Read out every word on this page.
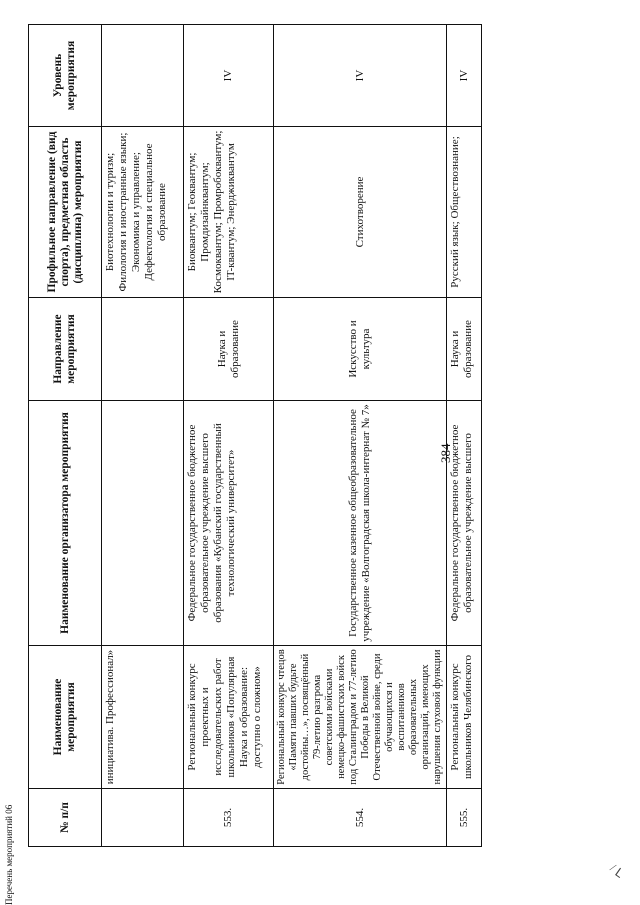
Перечень мероприятий 06	ᒣ /
№ п/п	Наименование мероприятия	Наименование организатора мероприятия	Направление мероприятия	Профильное направление (вид спорта), предметная область (дисциплина) мероприятия	Уровень мероприятия
	инициатива. Профессионал»			Биотехнологии и туризм; Филология и иностранные языки; Экономика и управление; Дефектология и специальное образование	
553.	Региональный конкурс проектных и исследовательских работ школьников «Популярная Наука и образование: доступно о сложном»	Федеральное государственное бюджетное образовательное учреждение высшего образования «Кубанский государственный технологический университет»	Наука и образование	Биоквантум; Геоквантум; Промдизайнквантум; Космоквантум; Промробоквантум; IT-квантум; Энерджиквантум	IV
554.	Региональный конкурс чтецов «Памяти павших будьте достойны…», посвящённый 79-летию разгрома советскими войсками немецко-фашистских войск под Сталинградом и 77-летию Победы в Великой Отечественной войне, среди обучающихся и воспитанников образовательных организаций, имеющих нарушения слуховой функции	Государственное казенное общеобразовательное учреждение «Волгоградская школа-интернат № 7»	Искусство и культура	Стихотворение	IV
555.	Региональный конкурс школьников Челябинского	Федеральное государственное бюджетное образовательное учреждение высшего	Наука и образование	Русский язык; Обществознание;	IV
384
